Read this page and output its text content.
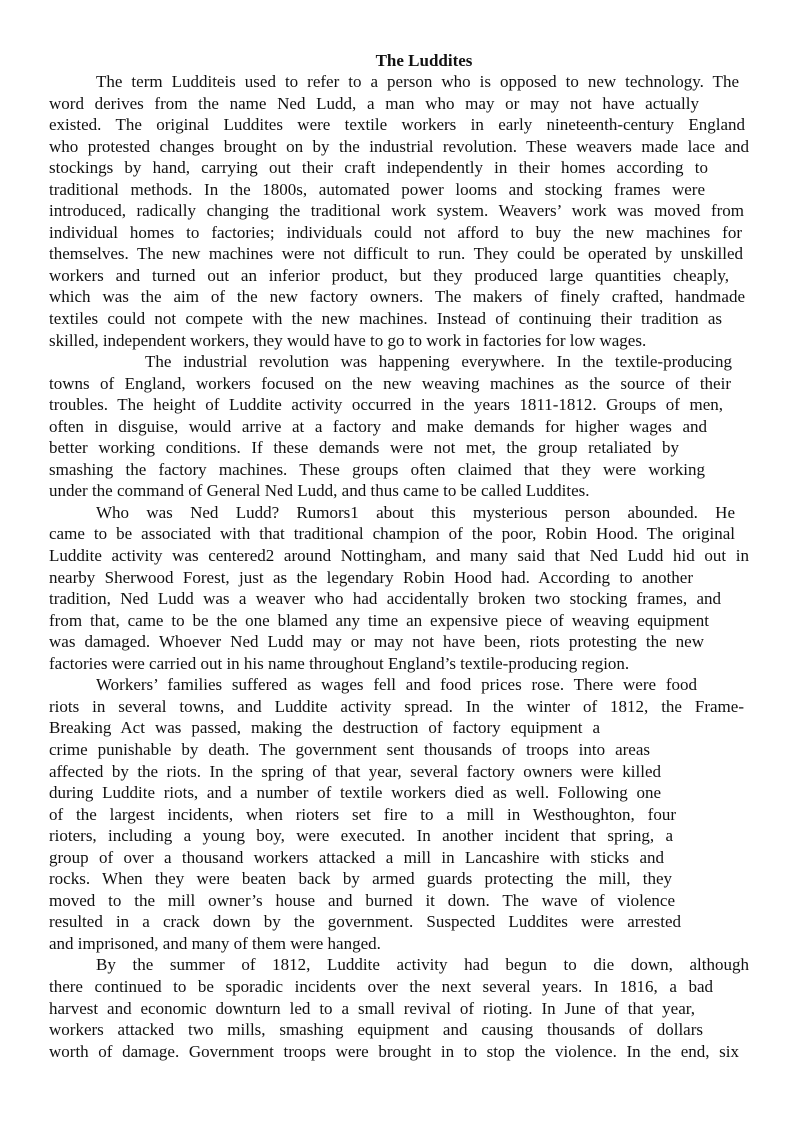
The Luddites
The term Ludditeis used to refer to a person who is opposed to new technology. The
word derives from the name Ned Ludd, a man who may or may not have actually
existed. The original Luddites were textile workers in early nineteenth-century England
who protested changes brought on by the industrial revolution. These weavers made lace and
stockings by hand, carrying out their craft independently in their homes according to
traditional methods. In the 1800s, automated power looms and stocking frames were
introduced, radically changing the traditional work system. Weavers’ work was moved from
individual homes to factories; individuals could not afford to buy the new machines for
themselves. The new machines were not difficult to run. They could be operated by unskilled
workers and turned out an inferior product, but they produced large quantities cheaply,
which was the aim of the new factory owners. The makers of finely crafted, handmade
textiles could not compete with the new machines. Instead of continuing their tradition as
skilled, independent workers, they would have to go to work in factories for low wages.
The industrial revolution was happening everywhere. In the textile-producing
towns of England, workers focused on the new weaving machines as the source of their
troubles. The height of Luddite activity occurred in the years 1811-1812. Groups of men,
often in disguise, would arrive at a factory and make demands for higher wages and
better working conditions. If these demands were not met, the group retaliated by
smashing the factory machines. These groups often claimed that they were working
under the command of General Ned Ludd, and thus came to be called Luddites.
Who was Ned Ludd? Rumors1 about this mysterious person abounded. He
came to be associated with that traditional champion of the poor, Robin Hood. The original
Luddite activity was centered2 around Nottingham, and many said that Ned Ludd hid out in
nearby Sherwood Forest, just as the legendary Robin Hood had. According to another
tradition, Ned Ludd was a weaver who had accidentally broken two stocking frames, and
from that, came to be the one blamed any time an expensive piece of weaving equipment
was damaged. Whoever Ned Ludd may or may not have been, riots protesting the new
factories were carried out in his name throughout England’s textile-producing region.
Workers’ families suffered as wages fell and food prices rose. There were food
riots in several towns, and Luddite activity spread. In the winter of 1812, the Frame-
Breaking Act was passed, making the destruction of factory equipment a
crime punishable by death. The government sent thousands of troops into areas
affected by the riots. In the spring of that year, several factory owners were killed
during Luddite riots, and a number of textile workers died as well. Following one
of the largest incidents, when rioters set fire to a mill in Westhoughton, four
rioters, including a young boy, were executed. In another incident that spring, a
group of over a thousand workers attacked a mill in Lancashire with sticks and
rocks. When they were beaten back by armed guards protecting the mill, they
moved to the mill owner’s house and burned it down. The wave of violence
resulted in a crack down by the government. Suspected Luddites were arrested
and imprisoned, and many of them were hanged.
By the summer of 1812, Luddite activity had begun to die down, although
there continued to be sporadic incidents over the next several years. In 1816, a bad
harvest and economic downturn led to a small revival of rioting. In June of that year,
workers attacked two mills, smashing equipment and causing thousands of dollars
worth of damage. Government troops were brought in to stop the violence. In the end, six
